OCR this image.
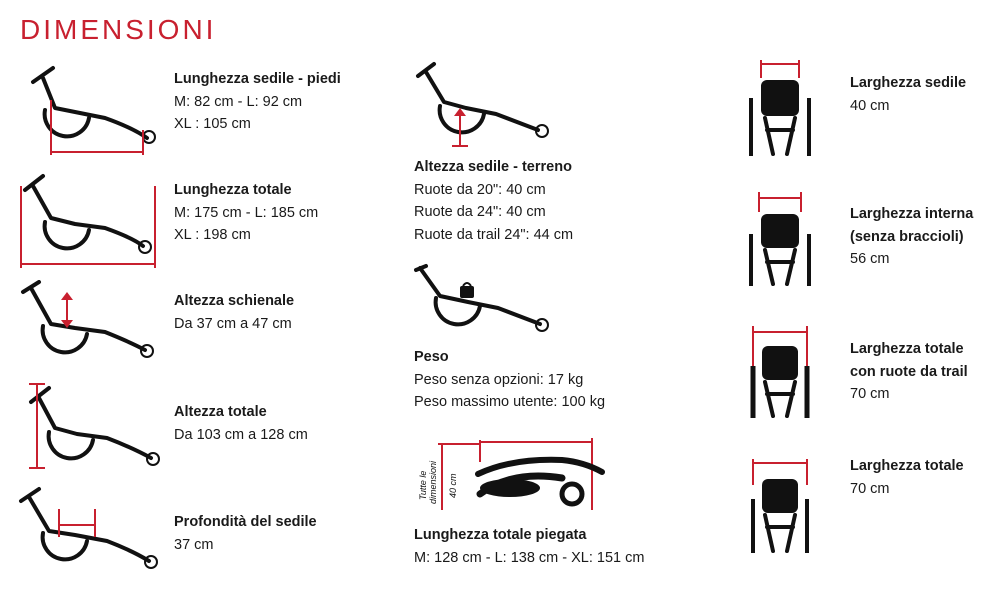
DIMENSIONI
Lunghezza sedile - piedi
M: 82 cm - L: 92 cm
XL : 105 cm
Lunghezza totale
M: 175 cm - L: 185 cm
XL : 198 cm
Altezza schienale
Da 37 cm a 47 cm
Altezza totale
Da 103 cm a 128 cm
Profondità del sedile
37 cm
Altezza sedile - terreno
Ruote da 20": 40 cm
Ruote da 24": 40 cm
Ruote da trail 24": 44 cm
Peso
Peso senza opzioni: 17 kg
Peso massimo utente: 100 kg
Tutte le dimensioni 40 cm
Lunghezza totale piegata
M: 128 cm - L: 138 cm - XL: 151 cm
Larghezza sedile
40 cm
Larghezza interna
(senza braccioli)
56 cm
Larghezza totale
con ruote da trail
70 cm
Larghezza totale
70 cm
